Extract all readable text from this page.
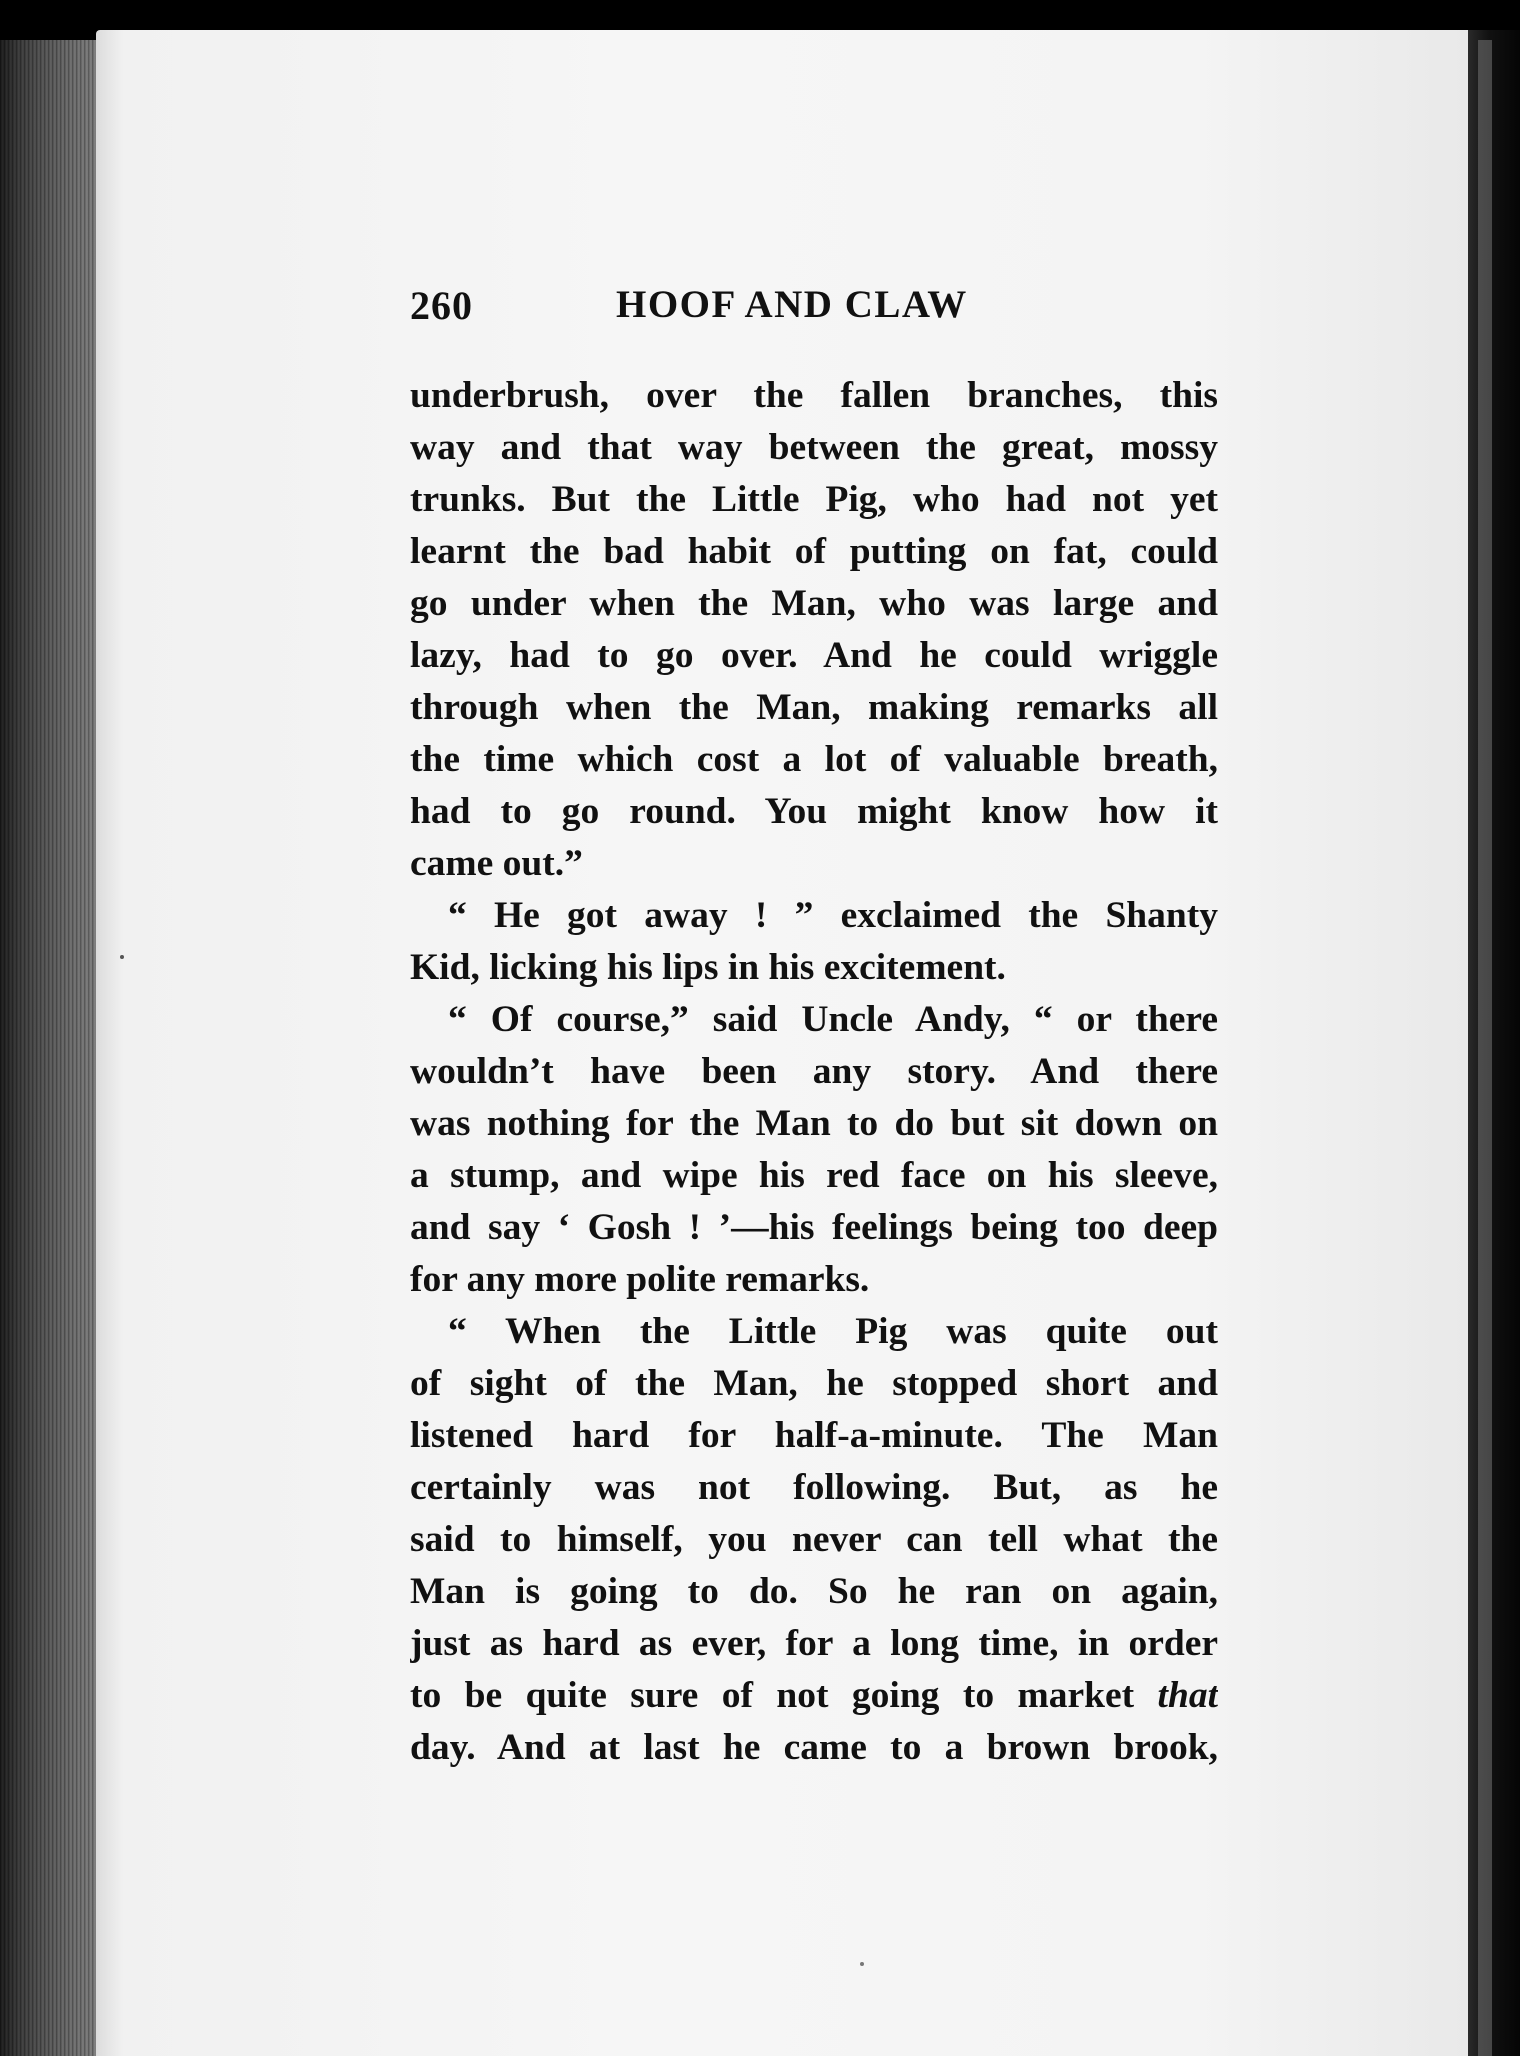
260	HOOF AND CLAW
underbrush, over the fallen branches, this
way and that way between the great, mossy
trunks. But the Little Pig, who had not yet
learnt the bad habit of putting on fat, could
go under when the Man, who was large and
lazy, had to go over. And he could wriggle
through when the Man, making remarks all
the time which cost a lot of valuable breath,
had to go round. You might know how it
came out.”
“ He got away ! ” exclaimed the Shanty
Kid, licking his lips in his excitement.
“ Of course,” said Uncle Andy, “ or there
wouldn’t have been any story. And there
was nothing for the Man to do but sit down on
a stump, and wipe his red face on his sleeve,
and say ‘ Gosh ! ’—his feelings being too deep
for any more polite remarks.
“ When the Little Pig was quite out
of sight of the Man, he stopped short and
listened hard for half-a-minute. The Man
certainly was not following. But, as he
said to himself, you never can tell what the
Man is going to do. So he ran on again,
just as hard as ever, for a long time, in order
to be quite sure of not going to market that
day. And at last he came to a brown brook,
